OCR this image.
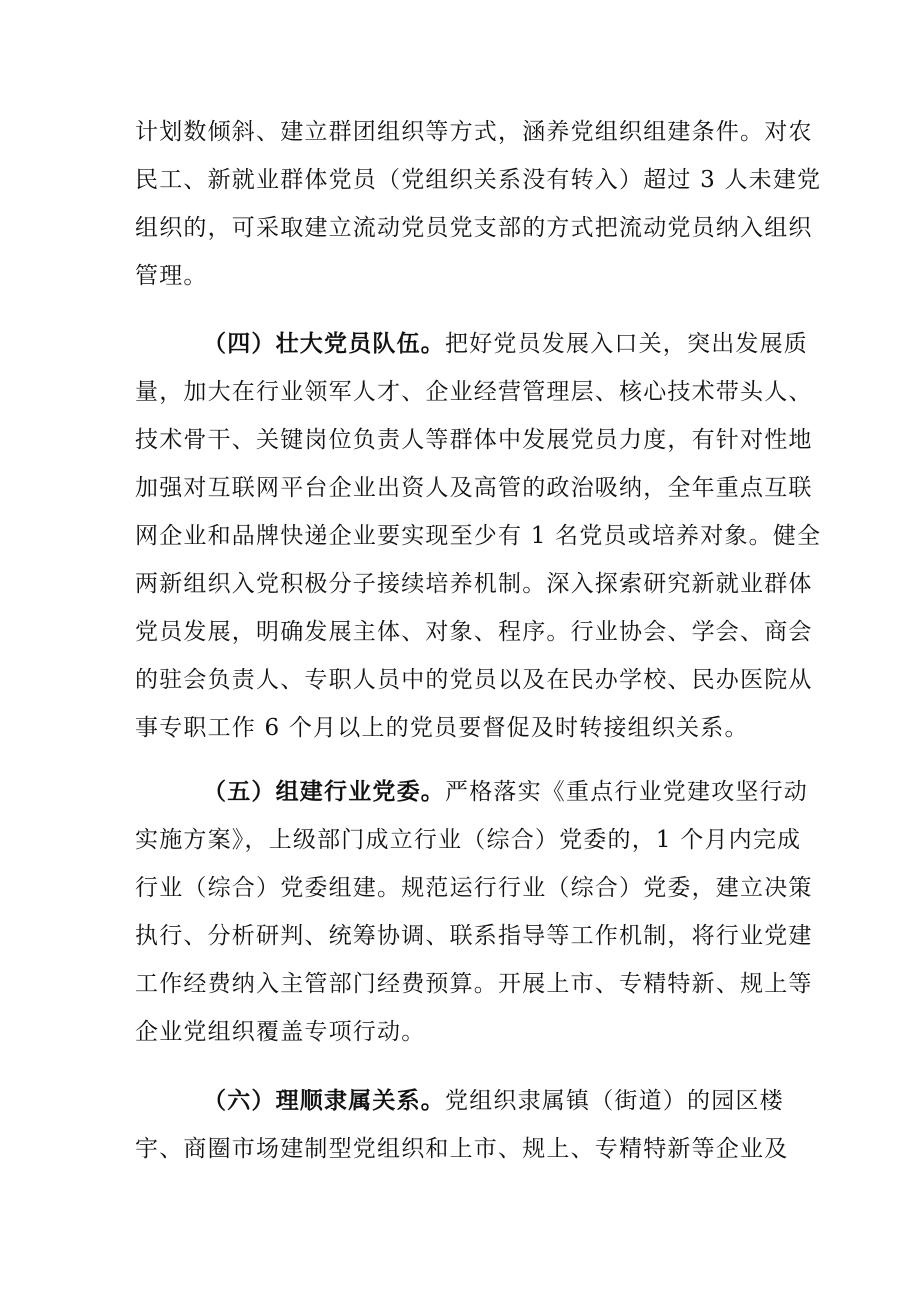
计划数倾斜、建立群团组织等方式，涵养党组织组建条件。对农
民工、新就业群体党员（党组织关系没有转入）超过 3 人未建党
组织的，可采取建立流动党员党支部的方式把流动党员纳入组织
管理。
（四）壮大党员队伍。把好党员发展入口关，突出发展质
量，加大在行业领军人才、企业经营管理层、核心技术带头人、
技术骨干、关键岗位负责人等群体中发展党员力度，有针对性地
加强对互联网平台企业出资人及高管的政治吸纳，全年重点互联
网企业和品牌快递企业要实现至少有 1 名党员或培养对象。健全
两新组织入党积极分子接续培养机制。深入探索研究新就业群体
党员发展，明确发展主体、对象、程序。行业协会、学会、商会
的驻会负责人、专职人员中的党员以及在民办学校、民办医院从
事专职工作 6 个月以上的党员要督促及时转接组织关系。
（五）组建行业党委。严格落实《重点行业党建攻坚行动
实施方案》，上级部门成立行业（综合）党委的，1 个月内完成
行业（综合）党委组建。规范运行行业（综合）党委，建立决策
执行、分析研判、统筹协调、联系指导等工作机制，将行业党建
工作经费纳入主管部门经费预算。开展上市、专精特新、规上等
企业党组织覆盖专项行动。
（六）理顺隶属关系。党组织隶属镇（街道）的园区楼
宇、商圈市场建制型党组织和上市、规上、专精特新等企业及
